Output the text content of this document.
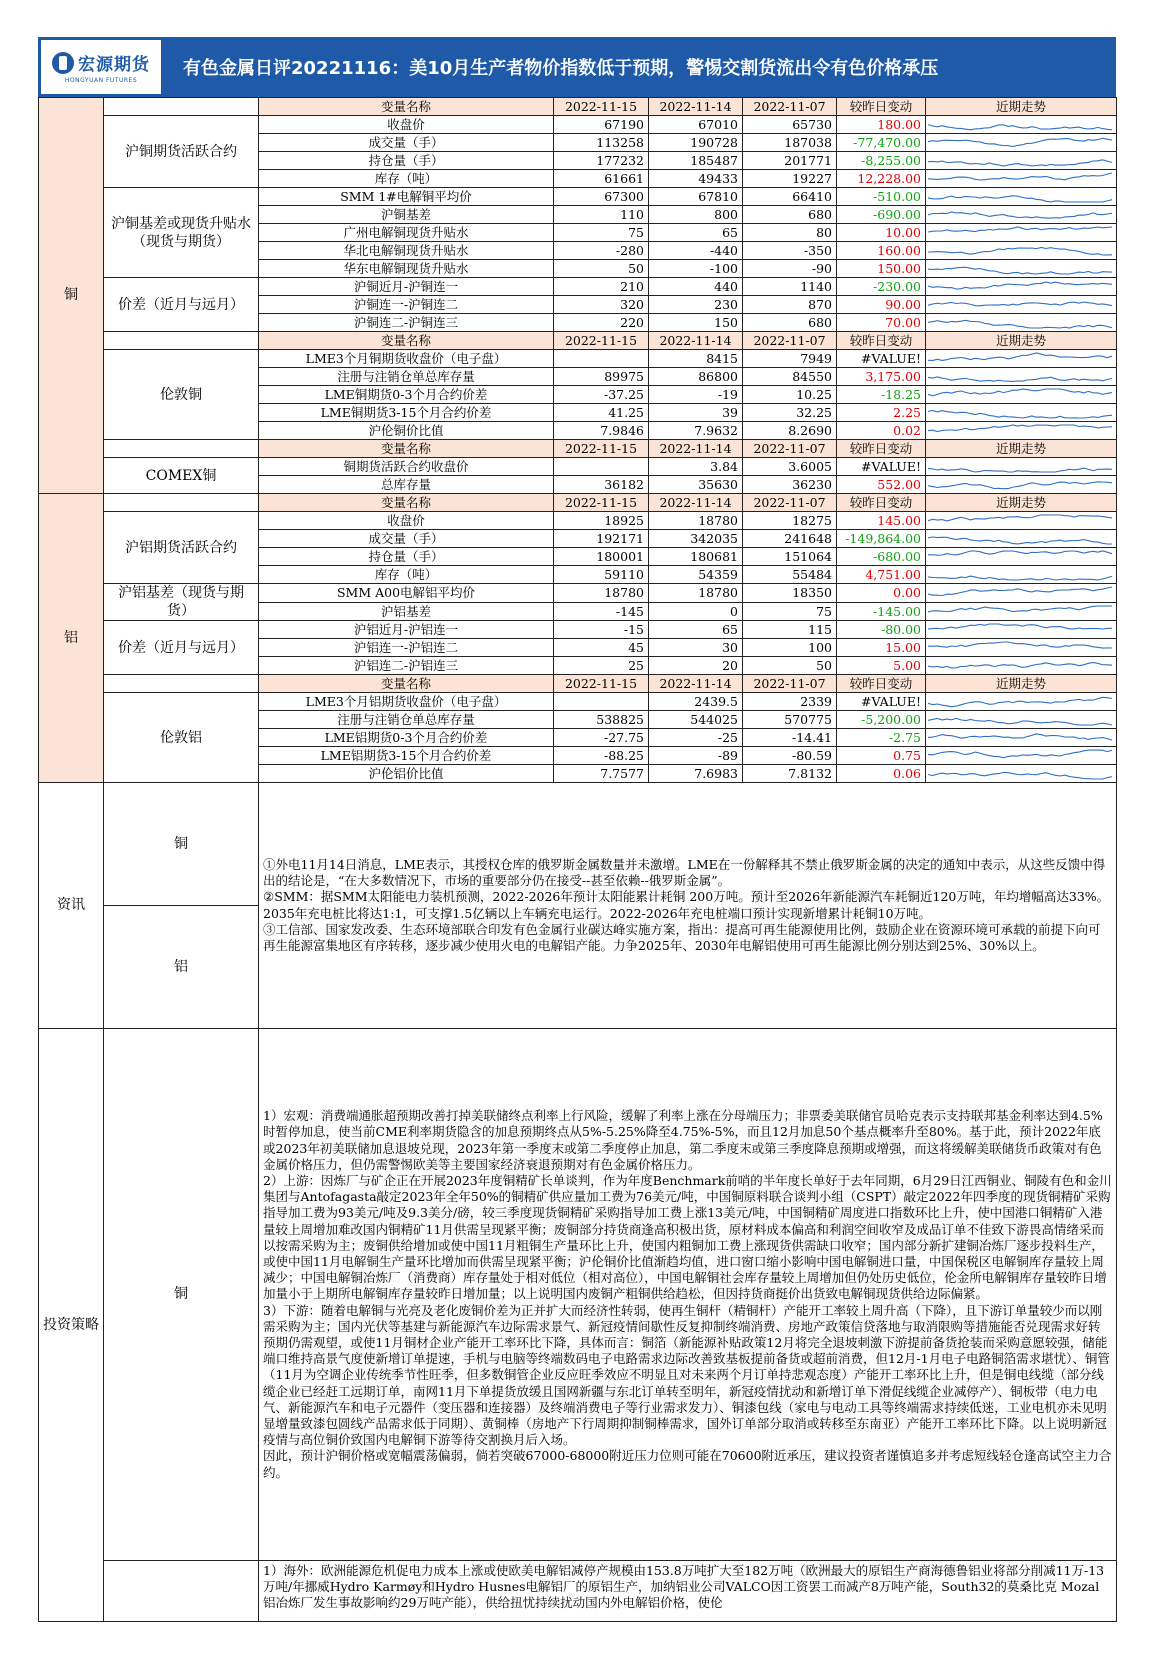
宏源期货
HONGYUAN FUTURES
有色金属日评20221116：美10月生产者物价指数低于预期，警惕交割货流出令有色价格承压
铜		变量名称	2022-11-15	2022-11-14	2022-11-07	较昨日变动	近期走势
	沪铜期货活跃合约	收盘价	67190	67010	65730	180.00	

		成交量（手）	113258	190728	187038	-77,470.00	

		持仓量（手）	177232	185487	201771	-8,255.00	

		库存（吨）	61661	49433	19227	12,228.00	

	沪铜基差或现货升贴水（现货与期货）	SMM 1#电解铜平均价	67300	67810	66410	-510.00	

		沪铜基差	110	800	680	-690.00	

		广州电解铜现货升贴水	75	65	80	10.00	

		华北电解铜现货升贴水	-280	-440	-350	160.00	

		华东电解铜现货升贴水	50	-100	-90	150.00	

	价差（近月与远月）	沪铜近月-沪铜连一	210	440	1140	-230.00	

		沪铜连一-沪铜连二	320	230	870	90.00	

		沪铜连二-沪铜连三	220	150	680	70.00	

		变量名称	2022-11-15	2022-11-14	2022-11-07	较昨日变动	近期走势
	伦敦铜	LME3个月铜期货收盘价（电子盘）		8415	7949	#VALUE!	

		注册与注销仓单总库存量	89975	86800	84550	3,175.00	

		LME铜期货0-3个月合约价差	-37.25	-19	10.25	-18.25	

		LME铜期货3-15个月合约价差	41.25	39	32.25	2.25	

		沪伦铜价比值	7.9846	7.9632	8.2690	0.02	

		变量名称	2022-11-15	2022-11-14	2022-11-07	较昨日变动	近期走势
	COMEX铜	铜期货活跃合约收盘价		3.84	3.6005	#VALUE!	

		总库存量	36182	35630	36230	552.00	

铝		变量名称	2022-11-15	2022-11-14	2022-11-07	较昨日变动	近期走势
	沪铝期货活跃合约	收盘价	18925	18780	18275	145.00	

		成交量（手）	192171	342035	241648	-149,864.00	

		持仓量（手）	180001	180681	151064	-680.00	

		库存（吨）	59110	54359	55484	4,751.00	

	沪铝基差（现货与期货）	SMM A00电解铝平均价	18780	18780	18350	0.00	

		沪铝基差	-145	0	75	-145.00	

	价差（近月与远月）	沪铝近月-沪铝连一	-15	65	115	-80.00	

		沪铝连一-沪铝连二	45	30	100	15.00	

		沪铝连二-沪铝连三	25	20	50	5.00	

		变量名称	2022-11-15	2022-11-14	2022-11-07	较昨日变动	近期走势
	伦敦铝	LME3个月铝期货收盘价（电子盘）		2439.5	2339	#VALUE!	

		注册与注销仓单总库存量	538825	544025	570775	-5,200.00	

		LME铝期货0-3个月合约价差	-27.75	-25	-14.41	-2.75	

		LME铝期货3-15个月合约价差	-88.25	-89	-80.59	0.75	

		沪伦铝价比值	7.7577	7.6983	7.8132	0.06	

资讯	铜	①外电11月14日消息，LME表示，其授权仓库的俄罗斯金属数量并未激增。LME在一份解释其不禁止俄罗斯金属的决定的通知中表示，从这些反馈中得出的结论是，“在大多数情况下，市场的重要部分仍在接受--甚至依赖--俄罗斯金属”。
②SMM：据SMM太阳能电力装机预测，2022-2026年预计太阳能累计耗铜 200万吨。预计至2026年新能源汽车耗铜近120万吨，年均增幅高达33%。2035年充电桩比将达1:1，可支撑1.5亿辆以上车辆充电运行。2022-2026年充电桩端口预计实现新增累计耗铜10万吨。
③工信部、国家发改委、生态环境部联合印发有色金属行业碳达峰实施方案，指出：提高可再生能源使用比例，鼓励企业在资源环境可承载的前提下向可再生能源富集地区有序转移，逐步减少使用火电的电解铝产能。力争2025年、2030年电解铝使用可再生能源比例分别达到25%、30%以上。					

	铝						
投资策略	铜	1）宏观：消费端通胀超预期改善打掉美联储终点利率上行风险，缓解了利率上涨在分母端压力；非票委美联储官员哈克表示支持联邦基金利率达到4.5%时暂停加息，使当前CME利率期货隐含的加息预期终点从5%-5.25%降至4.75%-5%，而且12月加息50个基点概率升至80%。基于此，预计2022年底或2023年初美联储加息退坡兑现，2023年第一季度末或第二季度停止加息，第二季度末或第三季度降息预期或增强，而这将缓解美联储货币政策对有色金属价格压力，但仍需警惕欧美等主要国家经济衰退预期对有色金属价格压力。
2）上游：因炼厂与矿企正在开展2023年度铜精矿长单谈判，作为年度Benchmark前哨的半年度长单好于去年同期，6月29日江西铜业、铜陵有色和金川集团与Antofagasta敲定2023年全年50%的铜精矿供应量加工费为76美元/吨，中国铜原料联合谈判小组（CSPT）敲定2022年四季度的现货铜精矿采购指导加工费为93美元/吨及9.3美分/磅，较三季度现货铜精矿采购指导加工费上涨13美元/吨，中国铜精矿周度进口指数环比上升，使中国港口铜精矿入港量较上周增加难改国内铜精矿11月供需呈现紧平衡；废铜部分持货商逢高积极出货，原材料成本偏高和利润空间收窄及成品订单不佳致下游畏高情绪采而以按需采购为主；废铜供给增加或使中国11月粗铜生产量环比上升，使国内粗铜加工费上涨现货供需缺口收窄；国内部分新扩建铜冶炼厂逐步投料生产，或使中国11月电解铜生产量环比增加而供需呈现紧平衡；沪伦铜价比值渐趋均值，进口窗口缩小影响中国电解铜进口量，中国保税区电解铜库存量较上周减少；中国电解铜冶炼厂（消费商）库存量处于相对低位（相对高位），中国电解铜社会库存量较上周增加但仍处历史低位，伦金所电解铜库存量较昨日增加量小于上期所电解铜库存量较昨日增加量；以上说明国内废铜产粗铜供给趋松，但因持货商挺价出货致电解铜现货供给边际偏紧。
3）下游：随着电解铜与光亮及老化废铜价差为正并扩大而经济性转弱，使再生铜杆（精铜杆）产能开工率较上周升高（下降），且下游订单量较少而以刚需采购为主；国内光伏等基建与新能源汽车边际需求景气、新冠疫情间歇性反复抑制终端消费、房地产政策信贷落地与取消限购等措施能否兑现需求好转预期仍需观望，或使11月铜材企业产能开工率环比下降，具体而言：铜箔（新能源补贴政策12月将完全退坡刺激下游提前备货抢装而采购意愿较强，储能端口维持高景气度使新增订单提速，手机与电脑等终端数码电子电路需求边际改善致基板提前备货或超前消费，但12月-1月电子电路铜箔需求堪忧）、铜管（11月为空调企业传统季节性旺季，但多数铜管企业反应旺季效应不明显且对未来两个月订单持悲观态度）产能开工率环比上升，但是铜电线缆（部分线缆企业已经赶工远期订单，南网11月下单提货放缓且国网新疆与东北订单转至明年，新冠疫情扰动和新增订单下滑促线缆企业减停产）、铜板带（电力电气、新能源汽车和电子元器件（变压器和连接器）及终端消费电子等行业需求发力）、铜漆包线（家电与电动工具等终端需求持续低迷，工业电机亦未见明显增量致漆包圆线产品需求低于同期）、黄铜棒（房地产下行周期抑制铜棒需求，国外订单部分取消或转移至东南亚）产能开工率环比下降。以上说明新冠疫情与高位铜价致国内电解铜下游等待交割换月后入场。
因此，预计沪铜价格或宽幅震荡偏弱，倘若突破67000-68000附近压力位则可能在70600附近承压，建议投资者谨慎追多并考虑短线轻仓逢高试空主力合约。					

		1）海外：欧洲能源危机促电力成本上涨或使欧美电解铝减停产规模由153.8万吨扩大至182万吨（欧洲最大的原铝生产商海德鲁铝业将部分削减11万-13万吨/年挪威Hydro Karmøy和Hydro Husnes电解铝厂的原铝生产，加纳铝业公司VALCO因工资罢工而减产8万吨产能，South32的莫桑比克 Mozal 铝冶炼厂发生事故影响约29万吨产能），供给扭忧持续扰动国内外电解铝价格，使伦					
